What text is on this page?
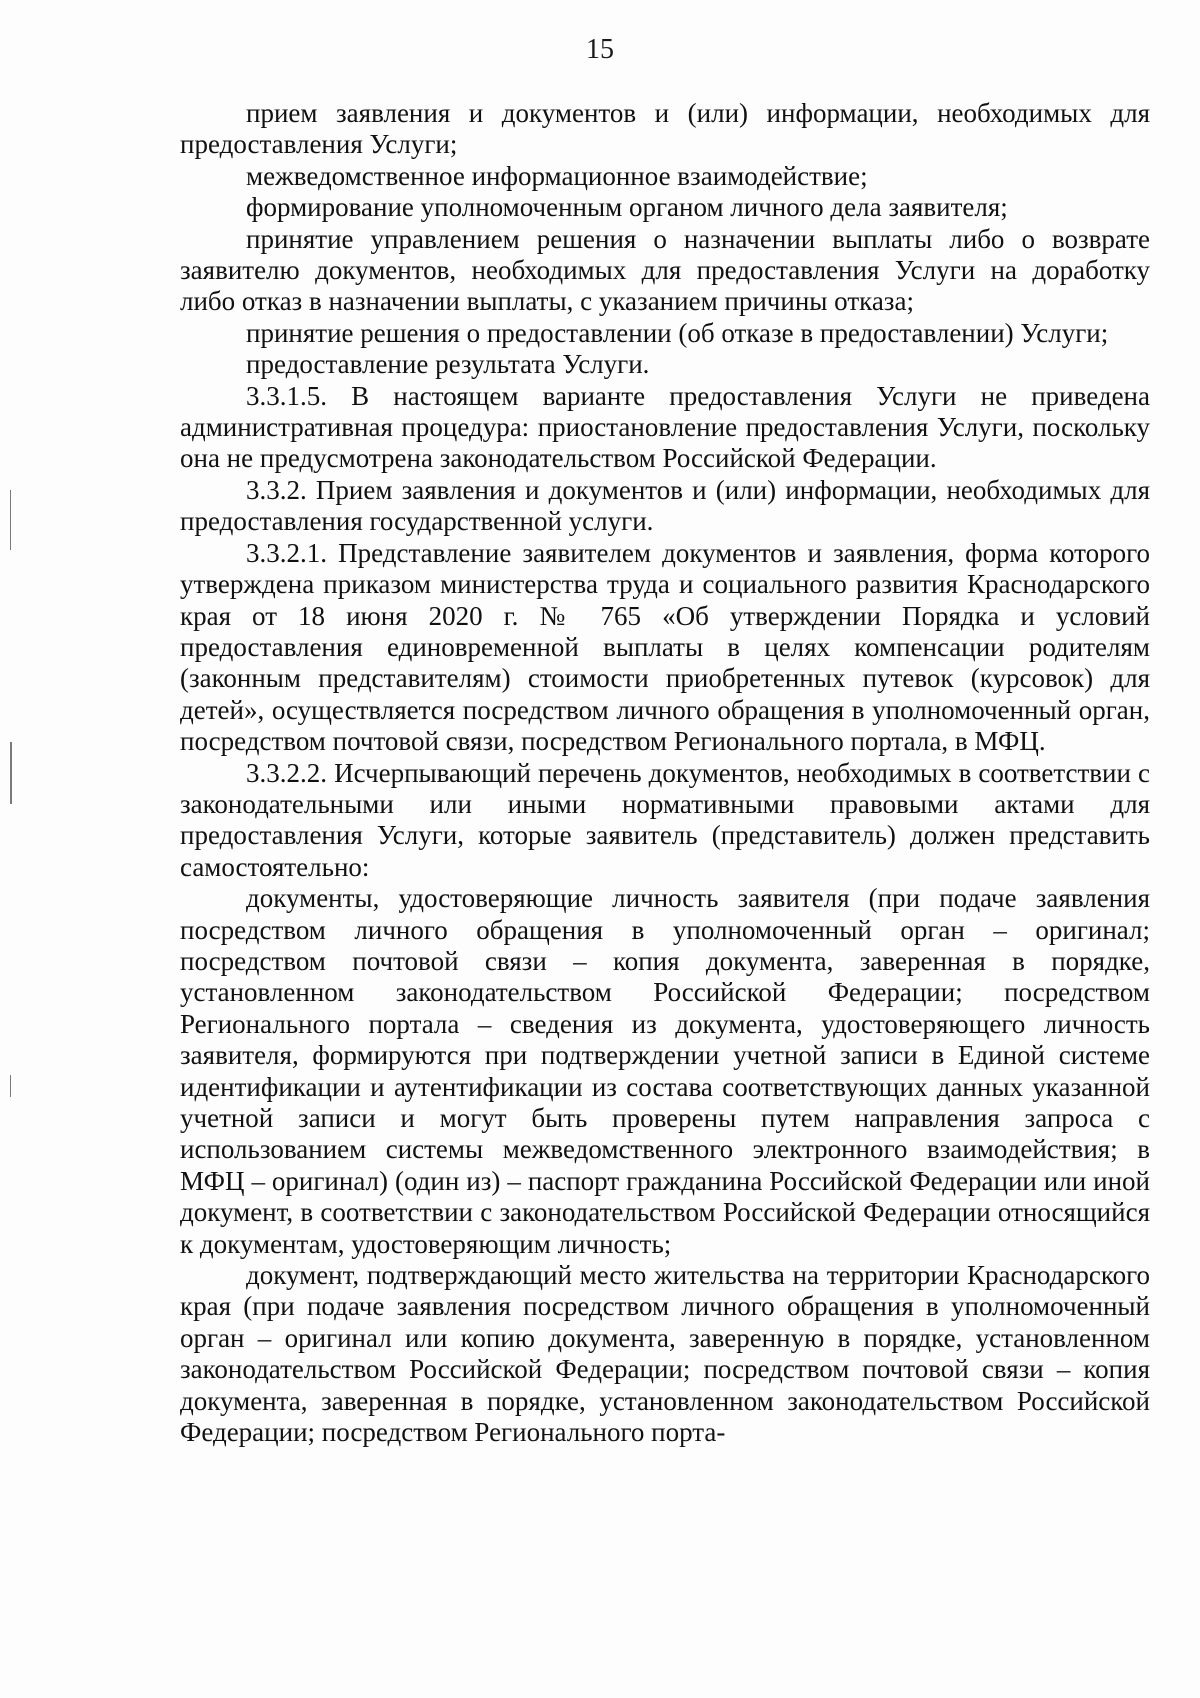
15

прием заявления и документов и (или) информации, необходимых для предоставления Услуги;

межведомственное информационное взаимодействие;

формирование уполномоченным органом личного дела заявителя;

принятие управлением решения о назначении выплаты либо о возврате заявителю документов, необходимых для предоставления Услуги на доработку либо отказ в назначении выплаты, с указанием причины отказа;

принятие решения о предоставлении (об отказе в предоставлении) Услуги;

предоставление результата Услуги.

3.3.1.5. В настоящем варианте предоставления Услуги не приведена административная процедура: приостановление предоставления Услуги, поскольку она не предусмотрена законодательством Российской Федерации.

3.3.2. Прием заявления и документов и (или) информации, необходимых для предоставления государственной услуги.

3.3.2.1. Представление заявителем документов и заявления, форма которого утверждена приказом министерства труда и социального развития Краснодарского края от 18 июня 2020 г. № 765 «Об утверждении Порядка и условий предоставления единовременной выплаты в целях компенсации родителям (законным представителям) стоимости приобретенных путевок (курсовок) для детей», осуществляется посредством личного обращения в уполномоченный орган, посредством почтовой связи, посредством Регионального портала, в МФЦ.

3.3.2.2. Исчерпывающий перечень документов, необходимых в соответствии с законодательными или иными нормативными правовыми актами для предоставления Услуги, которые заявитель (представитель) должен представить самостоятельно:

документы, удостоверяющие личность заявителя (при подаче заявления посредством личного обращения в уполномоченный орган – оригинал; посредством почтовой связи – копия документа, заверенная в порядке, установленном законодательством Российской Федерации; посредством Регионального портала – сведения из документа, удостоверяющего личность заявителя, формируются при подтверждении учетной записи в Единой системе идентификации и аутентификации из состава соответствующих данных указанной учетной записи и могут быть проверены путем направления запроса с использованием системы межведомственного электронного взаимодействия; в МФЦ – оригинал) (один из) – паспорт гражданина Российской Федерации или иной документ, в соответствии с законодательством Российской Федерации относящийся к документам, удостоверяющим личность;

документ, подтверждающий место жительства на территории Краснодарского края (при подаче заявления посредством личного обращения в уполномоченный орган – оригинал или копию документа, заверенную в порядке, установленном законодательством Российской Федерации; посредством почтовой связи – копия документа, заверенная в порядке, установленном законодательством Российской Федерации; посредством Регионального порта-
